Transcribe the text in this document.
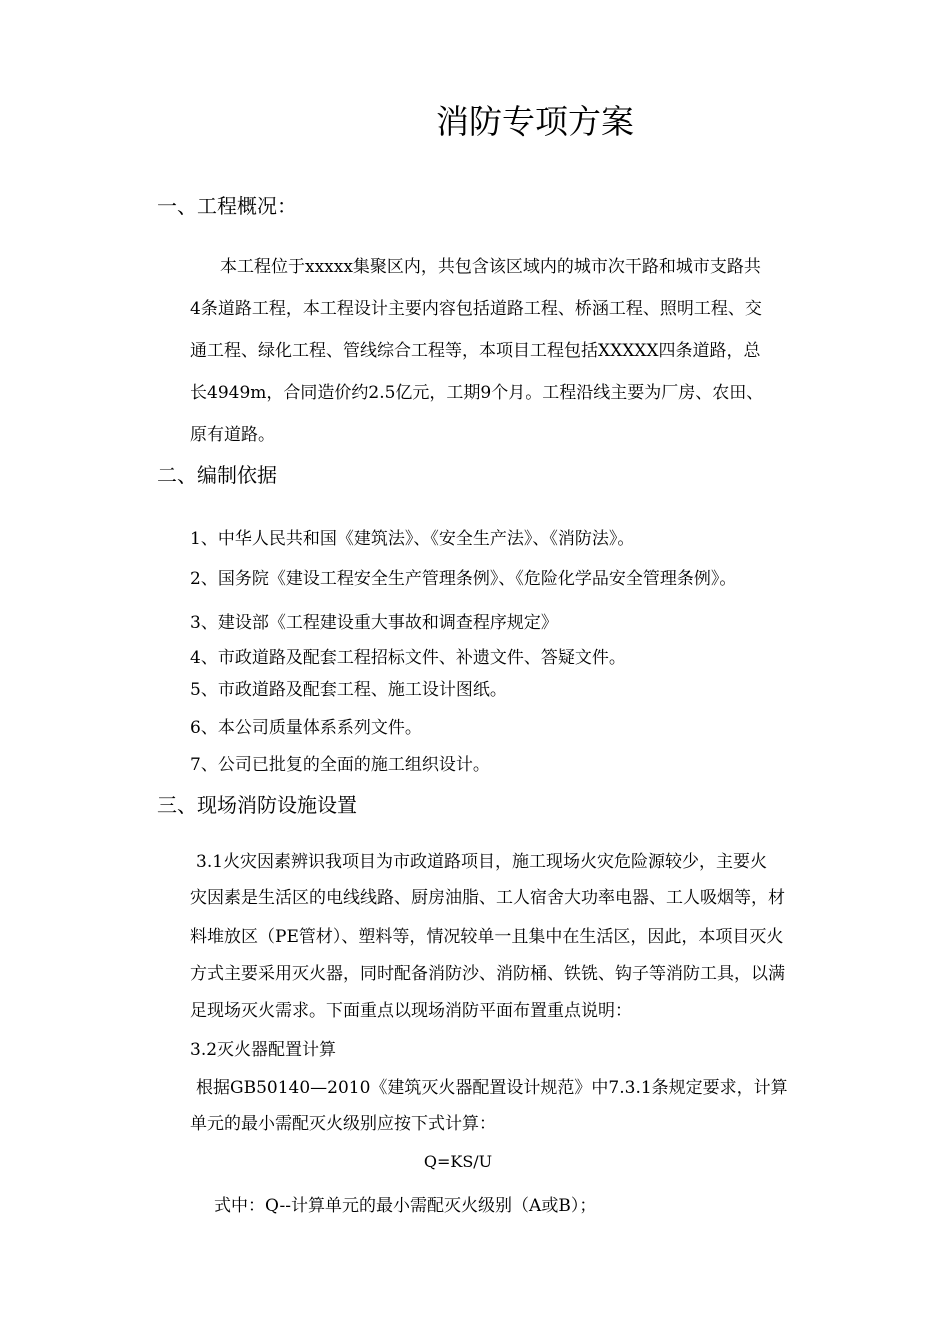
消防专项方案
一、工程概况：
本工程位于xxxxx集聚区内，共包含该区域内的城市次干路和城市支路共
4条道路工程，本工程设计主要内容包括道路工程、桥涵工程、照明工程、交
通工程、绿化工程、管线综合工程等，本项目工程包括XXXXX四条道路，总
长4949m，合同造价约2.5亿元，工期9个月。工程沿线主要为厂房、农田、
原有道路。
二、编制依据
1、中华人民共和国《建筑法》、《安全生产法》、《消防法》。
2、国务院《建设工程安全生产管理条例》、《危险化学品安全管理条例》。
3、建设部《工程建设重大事故和调查程序规定》
4、市政道路及配套工程招标文件、补遗文件、答疑文件。
5、市政道路及配套工程、施工设计图纸。
6、本公司质量体系系列文件。
7、公司已批复的全面的施工组织设计。
三、现场消防设施设置
3.1火灾因素辨识我项目为市政道路项目，施工现场火灾危险源较少，主要火
灾因素是生活区的电线线路、厨房油脂、工人宿舍大功率电器、工人吸烟等，材
料堆放区（PE管材）、塑料等，情况较单一且集中在生活区，因此，本项目灭火
方式主要采用灭火器，同时配备消防沙、消防桶、铁铣、钩子等消防工具，以满
足现场灭火需求。下面重点以现场消防平面布置重点说明：
3.2灭火器配置计算
根据GB50140—2010《建筑灭火器配置设计规范》中7.3.1条规定要求，计算
单元的最小需配灭火级别应按下式计算：
Q=KS/U
式中：Q--计算单元的最小需配灭火级别（A或B）；
